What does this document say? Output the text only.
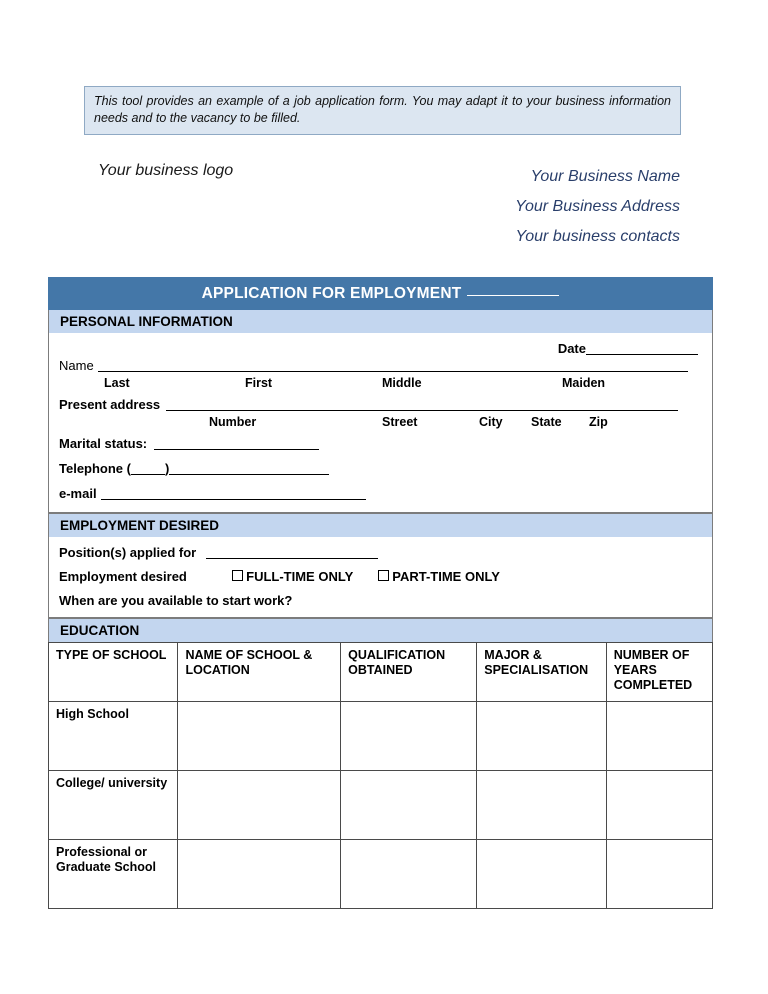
This tool provides an example of a job application form. You may adapt it to your business information needs and to the vacancy to be filled.
Your business logo	Your Business Name
Your Business Address
Your business contacts
APPLICATION FOR EMPLOYMENT
PERSONAL INFORMATION
Date
Name
Last	First	Middle	Maiden
Present address
Number	Street	City State Zip
Marital status:
Telephone (	)
e-mail
EMPLOYMENT DESIRED
Position(s) applied for
Employment desired	FULL-TIME ONLY	PART-TIME ONLY
When are you available to start work?
EDUCATION
TYPE OF SCHOOL	NAME OF SCHOOL & LOCATION	QUALIFICATION OBTAINED	MAJOR & SPECIALISATION	NUMBER OF YEARS COMPLETED
High School				
College/ university				
Professional or Graduate School				
